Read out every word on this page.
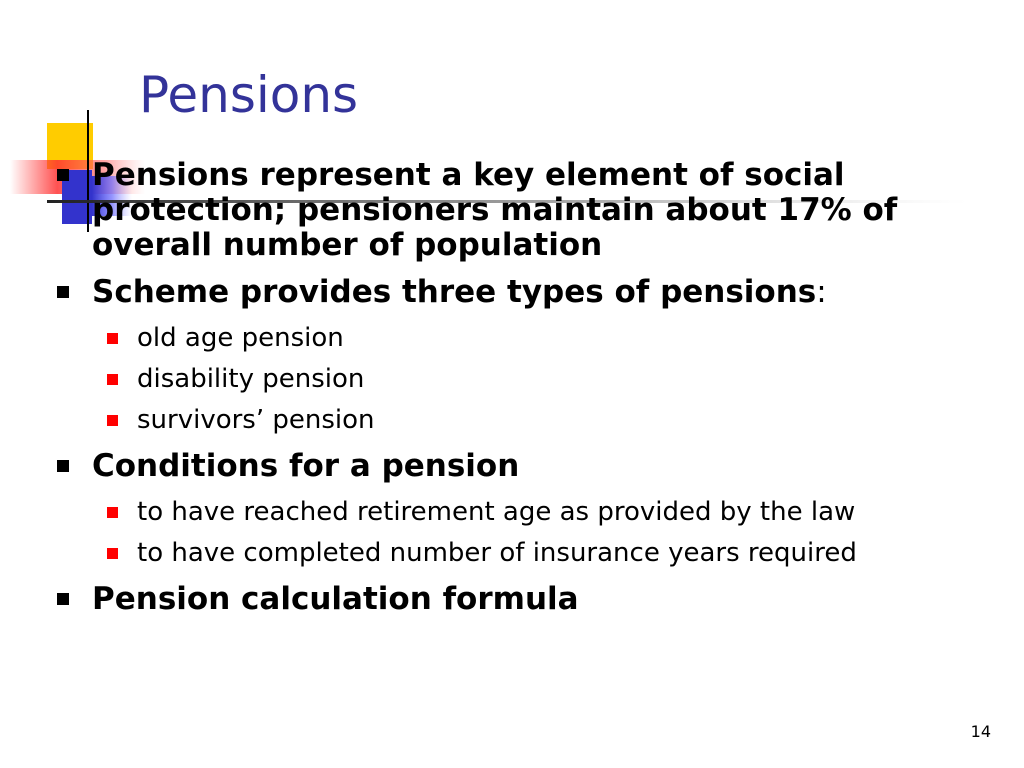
Pensions
Pensions represent a key element of social protection; pensioners maintain about 17% of overall number of population
Scheme provides three types of pensions:
old age pension
disability pension
survivors’ pension
Conditions for a pension
to have reached retirement age as provided by the law
to have completed number of insurance years required
Pension calculation formula
14
